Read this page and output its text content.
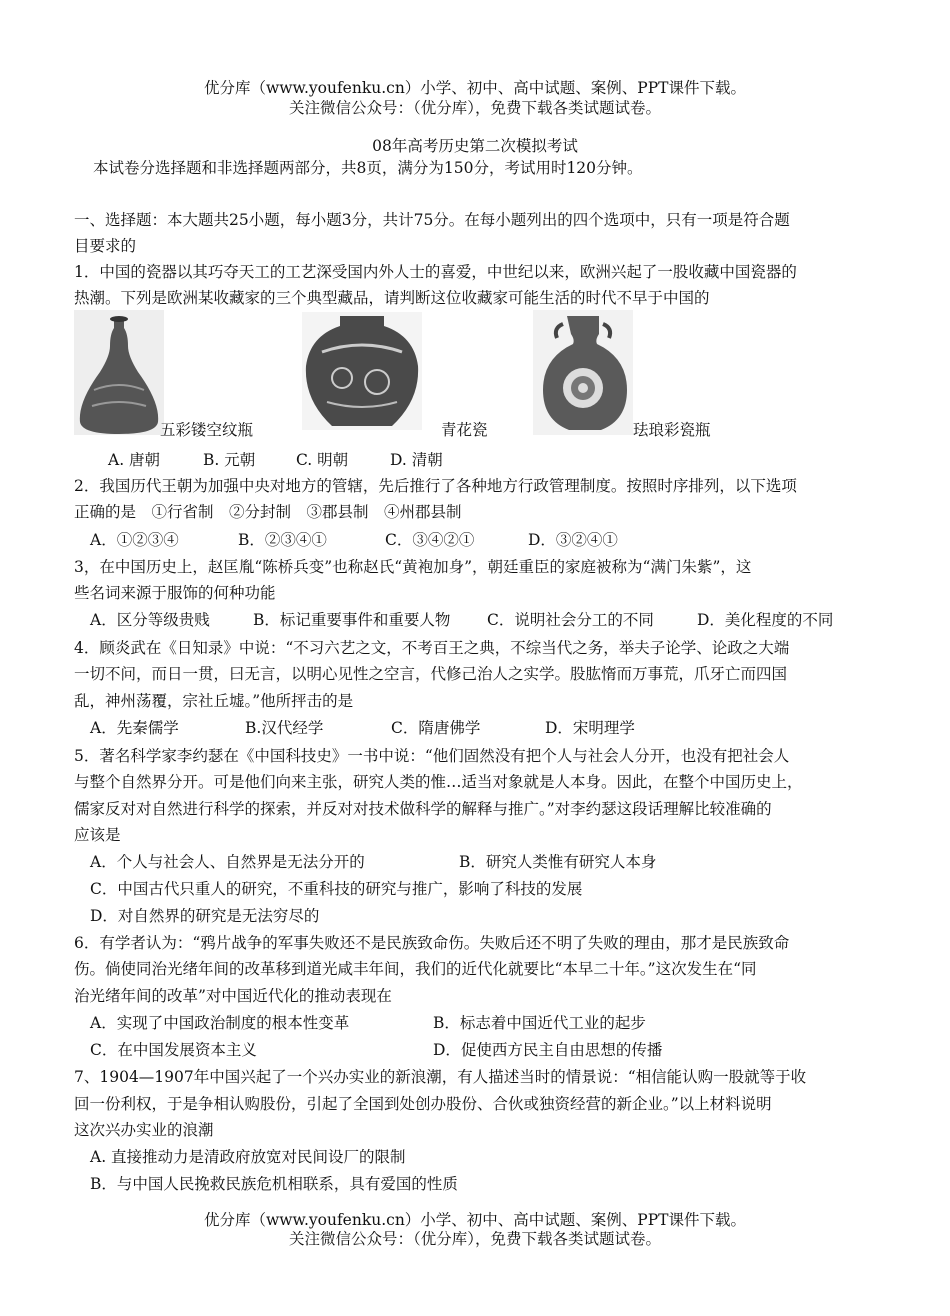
优分库（www.youfenku.cn）小学、初中、高中试题、案例、PPT课件下载。
关注微信公众号：（优分库），免费下载各类试题试卷。
08年高考历史第二次模拟考试
本试卷分选择题和非选择题两部分，共8页，满分为150分，考试用时120分钟。
一、选择题：本大题共25小题，每小题3分，共计75分。在每小题列出的四个选项中，只有一项是符合题
目要求的
1．中国的瓷器以其巧夺天工的工艺深受国内外人士的喜爱，中世纪以来，欧洲兴起了一股收藏中国瓷器的
热潮。下列是欧洲某收藏家的三个典型藏品，请判断这位收藏家可能生活的时代不早于中国的
五彩镂空纹瓶	青花瓷	珐琅彩瓷瓶
A. 唐朝	B. 元朝	C. 明朝	D. 清朝
2．我国历代王朝为加强中央对地方的管辖，先后推行了各种地方行政管理制度。按照时序排列，以下选项
正确的是　①行省制　②分封制　③郡县制　④州郡县制
A．①②③④	B．②③④①	C．③④②①	D．③②④①
3，在中国历史上，赵匡胤“陈桥兵变”也称赵氏“黄袍加身”，朝廷重臣的家庭被称为“满门朱紫”，这
些名词来源于服饰的何种功能
A．区分等级贵贱	B．标记重要事件和重要人物 C．说明社会分工的不同	D．美化程度的不同
4．顾炎武在《日知录》中说：“不习六艺之文，不考百王之典，不综当代之务，举夫子论学、论政之大端
一切不问，而日一贯，曰无言，以明心见性之空言，代修己治人之实学。股肱惰而万事荒，爪牙亡而四国
乱，神州荡覆，宗社丘墟。”他所抨击的是
A．先秦儒学	B.汉代经学	C．隋唐佛学	D．宋明理学
5．著名科学家李约瑟在《中国科技史》一书中说：“他们固然没有把个人与社会人分开，也没有把社会人
与整个自然界分开。可是他们向来主张，研究人类的惟…适当对象就是人本身。因此，在整个中国历史上，
儒家反对对自然进行科学的探索，并反对对技术做科学的解释与推广。”对李约瑟这段话理解比较准确的
应该是
A．个人与社会人、自然界是无法分开的	B．研究人类惟有研究人本身
C．中国古代只重人的研究，不重科技的研究与推广，影响了科技的发展
D．对自然界的研究是无法穷尽的
6．有学者认为：“鸦片战争的军事失败还不是民族致命伤。失败后还不明了失败的理由，那才是民族致命
伤。倘使同治光绪年间的改革移到道光咸丰年间，我们的近代化就要比“本早二十年。”这次发生在“同
治光绪年间的改革”对中国近代化的推动表现在
A．实现了中国政治制度的根本性变革	B．标志着中国近代工业的起步
C．在中国发展资本主义	D．促使西方民主自由思想的传播
7、1904—1907年中国兴起了一个兴办实业的新浪潮，有人描述当时的情景说：“相信能认购一股就等于收
回一份利权，于是争相认购股份，引起了全国到处创办股份、合伙或独资经营的新企业。”以上材料说明
这次兴办实业的浪潮
A. 直接推动力是清政府放宽对民间设厂的限制
B．与中国人民挽救民族危机相联系，具有爱国的性质
优分库（www.youfenku.cn）小学、初中、高中试题、案例、PPT课件下载。
关注微信公众号：（优分库），免费下载各类试题试卷。
